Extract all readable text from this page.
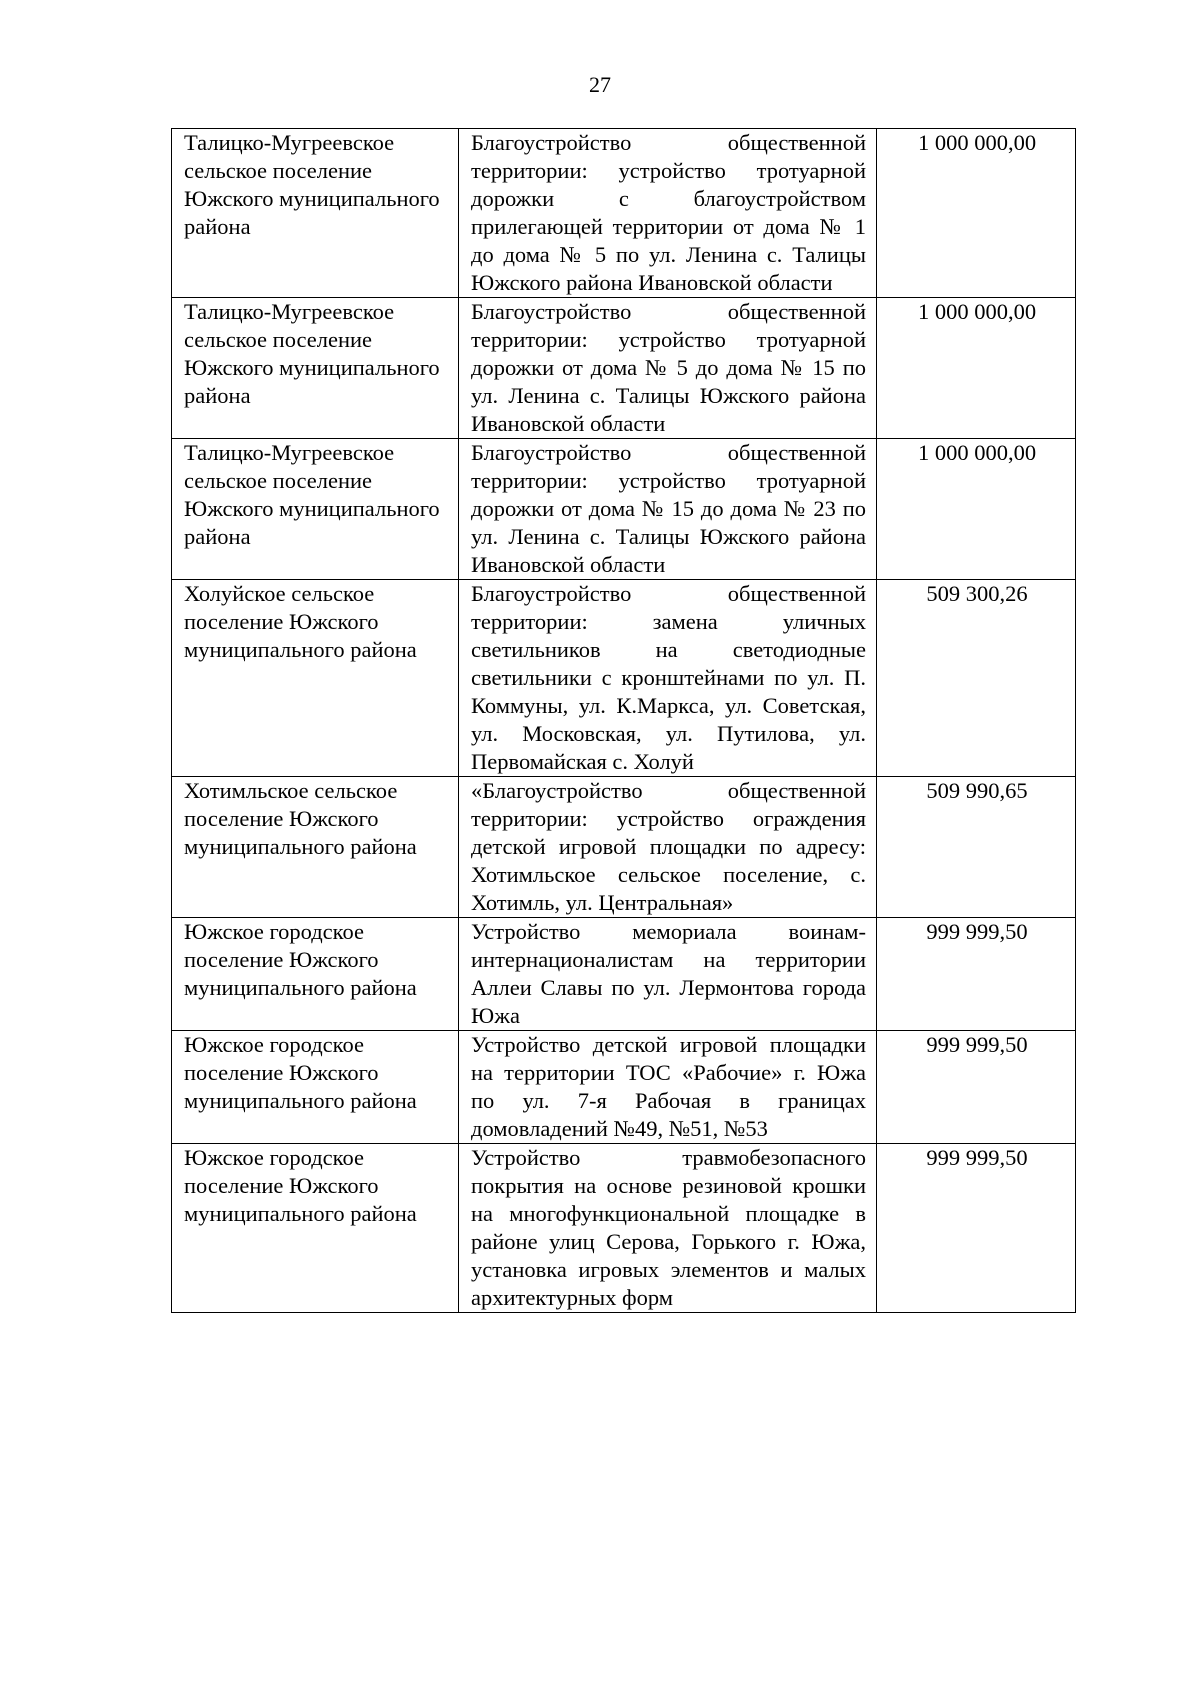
27
Талицко-Мугреевское сельское поселение Южского муниципального района	Благоустройство общественной территории: устройство тротуарной дорожки с благоустройством прилегающей территории от дома № 1 до дома № 5 по ул. Ленина с. Талицы Южского района Ивановской области	1 000 000,00
Талицко-Мугреевское сельское поселение Южского муниципального района	Благоустройство общественной территории: устройство тротуарной дорожки от дома № 5 до дома № 15 по ул. Ленина с. Талицы Южского района Ивановской области	1 000 000,00
Талицко-Мугреевское сельское поселение Южского муниципального района	Благоустройство общественной территории: устройство тротуарной дорожки от дома № 15 до дома № 23 по ул. Ленина с. Талицы Южского района Ивановской области	1 000 000,00
Холуйское сельское поселение Южского муниципального района	Благоустройство общественной территории: замена уличных светильников на светодиодные светильники с кронштейнами по ул. П. Коммуны, ул. К.Маркса, ул. Советская, ул. Московская, ул. Путилова, ул. Первомайская с. Холуй	509 300,26
Хотимльское сельское поселение Южского муниципального района	«Благоустройство общественной территории: устройство ограждения детской игровой площадки по адресу: Хотимльское сельское поселение, с. Хотимль, ул. Центральная»	509 990,65
Южское городское поселение Южского муниципального района	Устройство мемориала воинам-интернационалистам на территории Аллеи Славы по ул. Лермонтова города Южа	999 999,50
Южское городское поселение Южского муниципального района	Устройство детской игровой площадки на территории ТОС «Рабочие» г. Южа по ул. 7-я Рабочая в границах домовладений №49, №51, №53	999 999,50
Южское городское поселение Южского муниципального района	Устройство травмобезопасного покрытия на основе резиновой крошки на многофункциональной площадке в районе улиц Серова, Горького г. Южа, установка игровых элементов и малых архитектурных форм	999 999,50
